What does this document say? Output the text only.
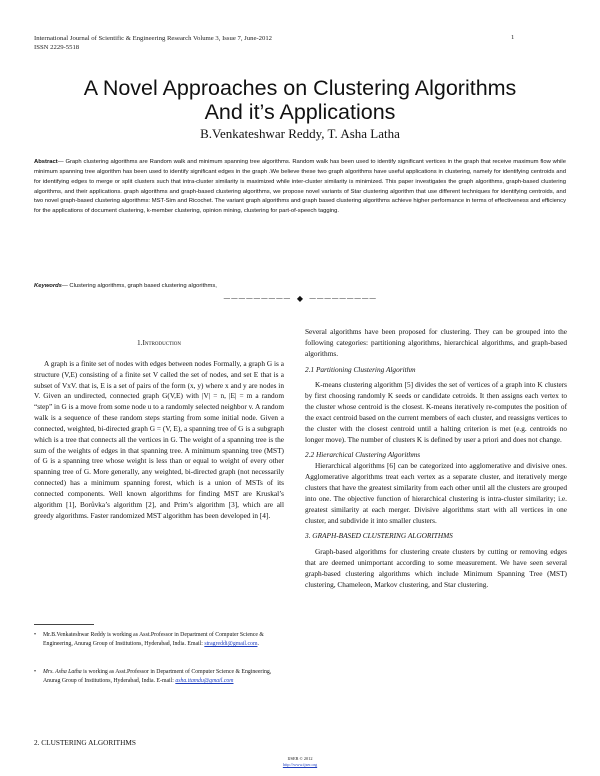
International Journal of Scientific & Engineering Research Volume 3, Issue 7, June-2012
ISSN 2229-5518
1
A Novel Approaches on Clustering Algorithms
And it’s Applications
B.Venkateshwar Reddy, T. Asha Latha
Abstract— Graph clustering algorithms are Random walk and minimum spanning tree algorithms. Random walk has been used to identify significant vertices in the graph that receive maximum flow while minimum spanning tree algorithm has been used to identify significant edges in the graph .We believe these two graph algorithms have useful applications in clustering, namely for identifying centroids and for identifying edges to merge or split clusters such that intra-cluster similarity is maximized while inter-cluster similarity is minimized. This paper investigates the graph algorithms, graph-based clustering algorithms, and their applications. graph algorithms and graph-based clustering algorithms, we propose novel variants of Star clustering algorithm that use different techniques for identifying centroids, and two novel graph-based clustering algorithms: MST-Sim and Ricochet. The variant graph algorithms and graph based clustering algorithms achieve higher performance in terms of effectiveness and efficiency for the applications of document clustering, k-member clustering, opinion mining, clustering for part-of-speech tagging.
Keywords— Clustering algorithms, graph based clustering algorithms,
————————— ◆ —————————

1.Introduction

A graph is a finite set of nodes with edges between nodes Formally, a graph G is a structure (V,E) consisting of a finite set V called the set of nodes, and set E that is a subset of VxV. that is, E is a set of pairs of the form (x, y) where x and y are nodes in V. Given an undirected, connected graph G(V,E) with |V| = n, |E| = m a random “step” in G is a move from some node u to a randomly selected neighbor v. A random walk is a sequence of these random steps starting from some initial node. Given a connected, weighted, bi-directed graph G = (V, E), a spanning tree of G is a subgraph which is a tree that connects all the vertices in G. The weight of a spanning tree is the sum of the weights of edges in that spanning tree. A minimum spanning tree (MST) of G is a spanning tree whose weight is less than or equal to weight of every other spanning tree of G. More generally, any weighted, bi-directed graph (not necessarily connected) has a minimum spanning forest, which is a union of MSTs of its connected components. Well known algorithms for finding MST are Kruskal’s algorithm [1], Borůvka’s algorithm [2], and Prim’s algorithm [3], which are all greedy algorithms. Faster randomized MST algorithm has been developed in [4].

• Mr.B.Venkateshwar Reddy is working as Asst.Professor in Department of Computer Science & Engineering, Anurag Group of Institutions, Hyderabad, India. Email: stragreddi@gmail.com.
• Mrs. Asha Latha is working as Asst.Professor in Department of Computer Science & Engineering, Anurag Group of Institutions, Hyderabad, India. E-mail: asha.ttamdu@gmail.com
2. CLUSTERING ALGORITHMS

Several algorithms have been proposed for clustering. They can be grouped into the following categories: partitioning algorithms, hierarchical algorithms, and graph-based algorithms.

2.1 Partitioning Clustering Algorithm

K-means clustering algorithm [5] divides the set of vertices of a graph into K clusters by first choosing randomly K seeds or candidate cetroids. It then assigns each vertex to the cluster whose centroid is the closest. K-means iteratively re-computes the position of the exact centroid based on the current members of each cluster, and reassigns vertices to the cluster with the closest centroid until a halting criterion is met (e.g. centroids no longer move). The number of clusters K is defined by user a priori and does not change.

2.2 Hierarchical Clustering Algorithms

Hierarchical algorithms [6] can be categorized into agglomerative and divisive ones. Agglomerative algorithms treat each vertex as a separate cluster, and iteratively merge clusters that have the greatest similarity from each other until all the clusters are grouped into one. The objective function of hierarchical clustering is intra-cluster similarity; i.e. greatest similarity at each merger. Divisive algorithms start with all vertices in one cluster, and subdivide it into smaller clusters.

3. GRAPH-BASED CLUSTERING ALGORITHMS

Graph-based algorithms for clustering create clusters by cutting or removing edges that are deemed unimportant according to some measurement. We have seen several graph-based clustering algorithms which include Minimum Spanning Tree (MST) clustering, Chameleon, Markov clustering, and Star clustering.

IJSER © 2012
http://www.ijser.org
